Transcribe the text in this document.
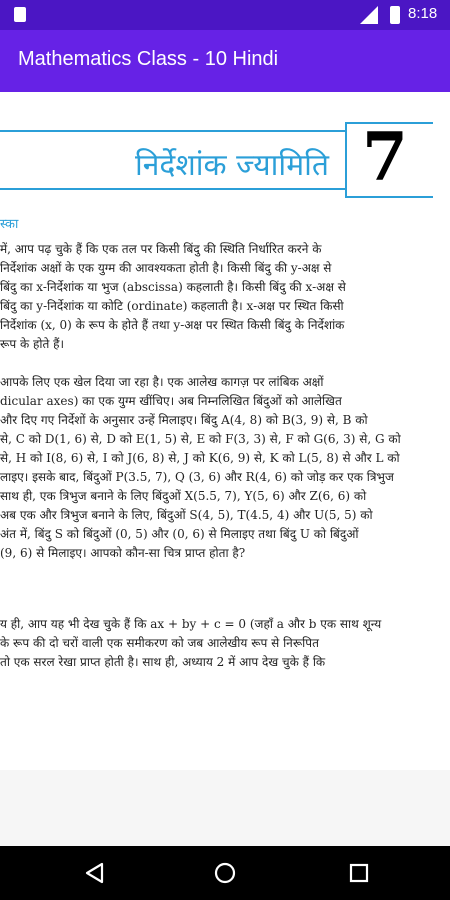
8:18
Mathematics Class - 10 Hindi
निर्देशांक ज्यामिति 7
स्का
में, आप पढ़ चुके हैं कि एक तल पर किसी बिंदु की स्थिति निर्धारित करने के
निर्देशांक अक्षों के एक युग्म की आवश्यकता होती है। किसी बिंदु की y-अक्ष से
बिंदु का x-निर्देशांक या भुज (abscissa) कहलाती है। किसी बिंदु की x-अक्ष से
बिंदु का y-निर्देशांक या कोटि (ordinate) कहलाती है। x-अक्ष पर स्थित किसी
निर्देशांक (x, 0) के रूप के होते हैं तथा y-अक्ष पर स्थित किसी बिंदु के निर्देशांक
रूप के होते हैं।
आपके लिए एक खेल दिया जा रहा है। एक आलेख कागज़ पर लांबिक अक्षों
dicular axes) का एक युग्म खींचिए। अब निम्नलिखित बिंदुओं को आलेखित
और दिए गए निर्देशों के अनुसार उन्हें मिलाइए। बिंदु A(4, 8) को B(3, 9) से, B को
से, C को D(1, 6) से, D को E(1, 5) से, E को F(3, 3) से, F को G(6, 3) से, G को
से, H को I(8, 6) से, I को J(6, 8) से, J को K(6, 9) से, K को L(5, 8) से और L को
लाइए। इसके बाद, बिंदुओं P(3.5, 7), Q (3, 6) और R(4, 6) को जोड़ कर एक त्रिभुज
साथ ही, एक त्रिभुज बनाने के लिए बिंदुओं X(5.5, 7), Y(5, 6) और Z(6, 6) को
अब एक और त्रिभुज बनाने के लिए, बिंदुओं S(4, 5), T(4.5, 4) और U(5, 5) को
अंत में, बिंदु S को बिंदुओं (0, 5) और (0, 6) से मिलाइए तथा बिंदु U को बिंदुओं
(9, 6) से मिलाइए। आपको कौन-सा चित्र प्राप्त होता है?
य ही, आप यह भी देख चुके हैं कि ax + by + c = 0 (जहाँ a और b एक साथ शून्य
के रूप की दो चरों वाली एक समीकरण को जब आलेखीय रूप से निरूपित
तो एक सरल रेखा प्राप्त होती है। साथ ही, अध्याय 2 में आप देख चुके हैं कि
